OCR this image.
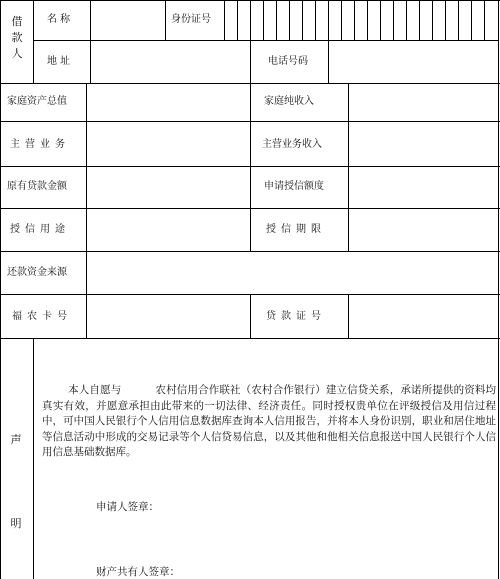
借款人
名 称	身份证号
地 址	电话号码
家庭资产总值	家庭纯收入
主营业务	主营业务收入
原有贷款金额	申请授信额度
授信用途	授信期限
还款资金来源
福农卡号	贷款证号
声
明
本人自愿与	农村信用合作联社（农村合作银行）建立信贷关系，承诺所提供的资料均真实有效，并愿意承担由此带来的一切法律、经济责任。同时授权贵单位在评级授信及用信过程中，可中国人民银行个人信用信息数据库查询本人信用报告，并将本人身份识别，职业和居住地址等信息活动中形成的交易记录等个人信贷易信息，以及其他和他相关信息报送中国人民银行个人信用信息基础数据库。
申请人签章：
财产共有人签章：
